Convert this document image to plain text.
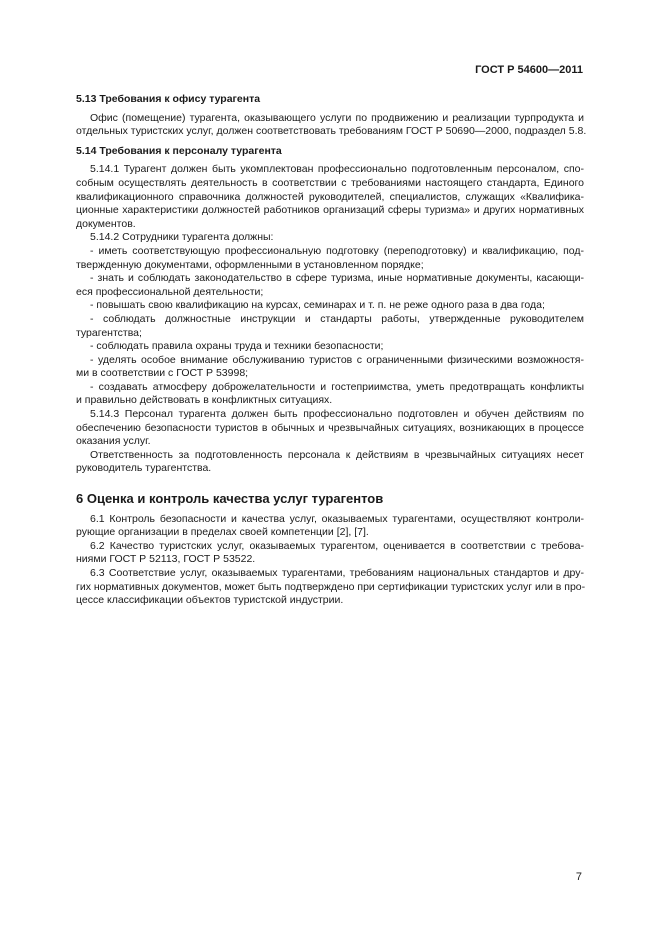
ГОСТ Р 54600—2011
5.13 Требования к офису турагента

Офис (помещение) турагента, оказывающего услуги по продвижению и реализации турпродукта и
отдельных туристских услуг, должен соответствовать требованиям ГОСТ Р 50690—2000, подраздел 5.8.

5.14 Требования к персоналу турагента

5.14.1 Турагент должен быть укомплектован профессионально подготовленным персоналом, спо-
собным осуществлять деятельность в соответствии с требованиями настоящего стандарта, Единого
квалификационного справочника должностей руководителей, специалистов, служащих «Квалифика-
ционные характеристики должностей работников организаций сферы туризма» и других нормативных
документов.

5.14.2 Сотрудники турагента должны:

- иметь соответствующую профессиональную подготовку (переподготовку) и квалификацию, под-
твержденную документами, оформленными в установленном порядке;

- знать и соблюдать законодательство в сфере туризма, иные нормативные документы, касающи-
еся профессиональной деятельности;

- повышать свою квалификацию на курсах, семинарах и т. п. не реже одного раза в два года;

- соблюдать должностные инструкции и стандарты работы, утвержденные руководителем
турагентства;

- соблюдать правила охраны труда и техники безопасности;

- уделять особое внимание обслуживанию туристов с ограниченными физическими возможностя-
ми в соответствии с ГОСТ Р 53998;

- создавать атмосферу доброжелательности и гостеприимства, уметь предотвращать конфликты
и правильно действовать в конфликтных ситуациях.

5.14.3 Персонал турагента должен быть профессионально подготовлен и обучен действиям по
обеспечению безопасности туристов в обычных и чрезвычайных ситуациях, возникающих в процессе
оказания услуг.

Ответственность за подготовленность персонала к действиям в чрезвычайных ситуациях несет
руководитель турагентства.

6 Оценка и контроль качества услуг турагентов

6.1 Контроль безопасности и качества услуг, оказываемых турагентами, осуществляют контроли-
рующие организации в пределах своей компетенции [2], [7].

6.2 Качество туристских услуг, оказываемых турагентом, оценивается в соответствии с требова-
ниями ГОСТ Р 52113, ГОСТ Р 53522.

6.3 Соответствие услуг, оказываемых турагентами, требованиям национальных стандартов и дру-
гих нормативных документов, может быть подтверждено при сертификации туристских услуг или в про-
цессе классификации объектов туристской индустрии.

7
